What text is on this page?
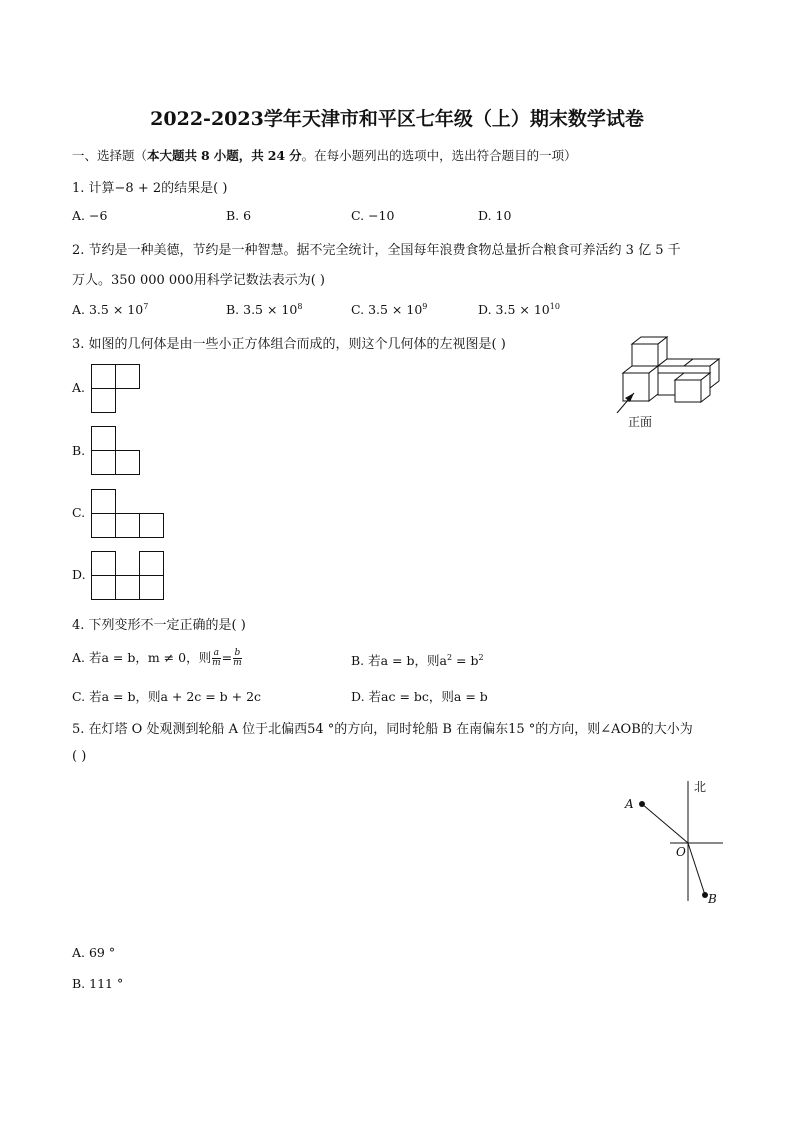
2022-2023学年天津市和平区七年级（上）期末数学试卷
一、选择题（本大题共 8 小题，共 24 分。在每小题列出的选项中，选出符合题目的一项）
1. 计算−8 + 2的结果是( )
A. −6	B. 6	C. −10	D. 10
2. 节约是一种美德，节约是一种智慧。据不完全统计，全国每年浪费食物总量折合粮食可养活约 3 亿 5 千
万人。350 000 000用科学记数法表示为( )
A. $3.5 \times 10^7$	B. $3.5 \times 10^8$	C. $3.5 \times 10^9$	D. $3.5 \times 10^{10}$
3. 如图的几何体是由一些小正方体组合而成的，则这个几何体的左视图是( )
正面
A.
B.
C.
D.
4. 下列变形不一定正确的是( )
A. 若a = b，m ≠ 0，则 $\frac{a}{m} = \frac{b}{m}$	B. 若a = b，则$a^2 = b^2$
C. 若a = b，则a + 2c = b + 2c	D. 若ac = bc，则a = b
5. 在灯塔 O 处观测到轮船 A 位于北偏西54 °的方向，同时轮船 B 在南偏东15 °的方向，则∠AOB的大小为
( )
北
A
O
B
A. 69 °
B. 111 °
